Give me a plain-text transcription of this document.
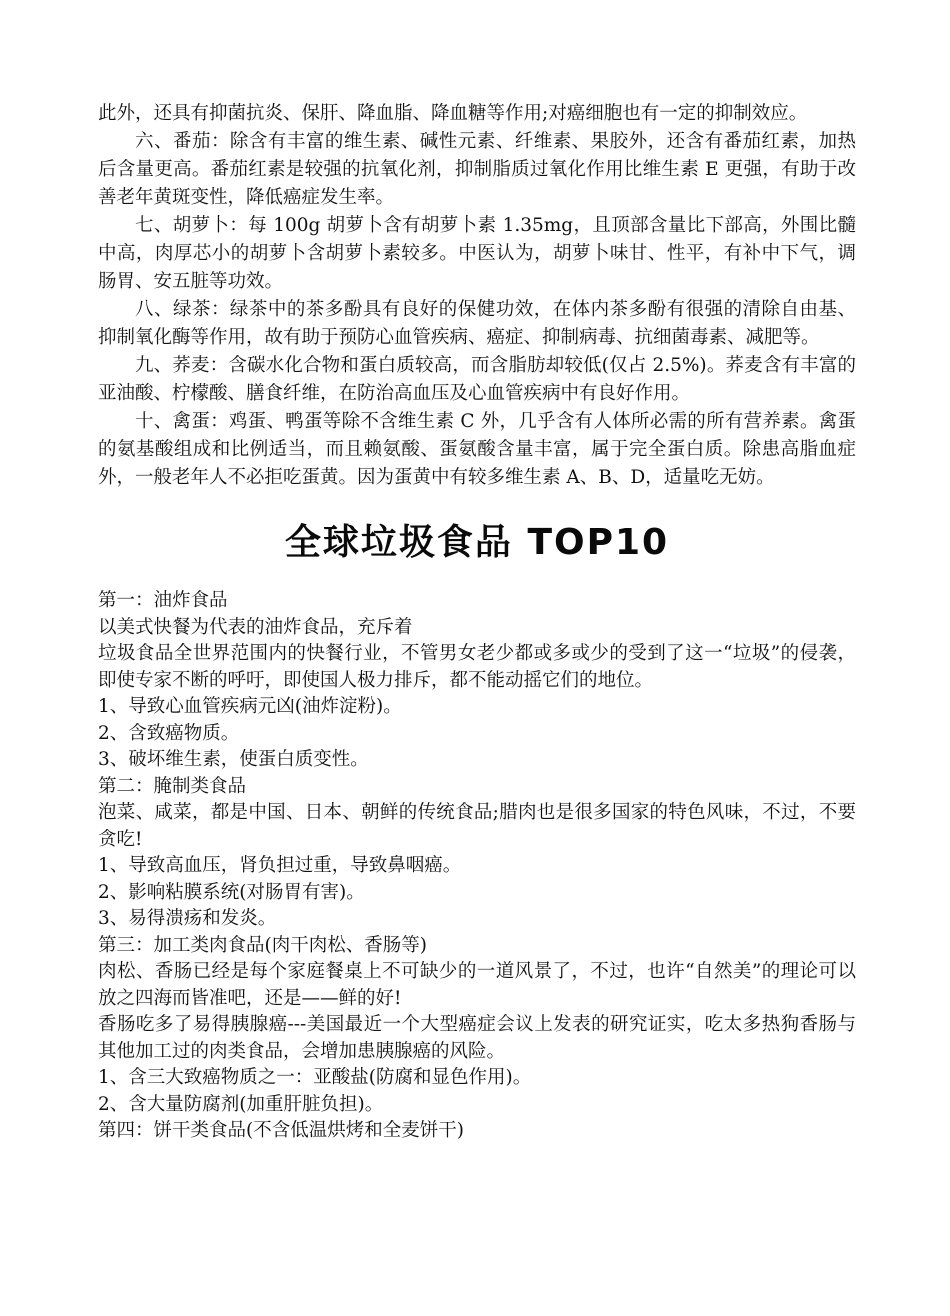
此外，还具有抑菌抗炎、保肝、降血脂、降血糖等作用;对癌细胞也有一定的抑制效应。

六、番茄：除含有丰富的维生素、碱性元素、纤维素、果胶外，还含有番茄红素，加热后含量更高。番茄红素是较强的抗氧化剂，抑制脂质过氧化作用比维生素 E 更强，有助于改善老年黄斑变性，降低癌症发生率。

七、胡萝卜：每 100g 胡萝卜含有胡萝卜素 1.35mg，且顶部含量比下部高，外围比髓中高，肉厚芯小的胡萝卜含胡萝卜素较多。中医认为，胡萝卜味甘、性平，有补中下气，调肠胃、安五脏等功效。

八、绿茶：绿茶中的茶多酚具有良好的保健功效，在体内茶多酚有很强的清除自由基、抑制氧化酶等作用，故有助于预防心血管疾病、癌症、抑制病毒、抗细菌毒素、减肥等。

九、荞麦：含碳水化合物和蛋白质较高，而含脂肪却较低(仅占 2.5%)。荞麦含有丰富的亚油酸、柠檬酸、膳食纤维，在防治高血压及心血管疾病中有良好作用。

十、禽蛋：鸡蛋、鸭蛋等除不含维生素 C 外，几乎含有人体所必需的所有营养素。禽蛋的氨基酸组成和比例适当，而且赖氨酸、蛋氨酸含量丰富，属于完全蛋白质。除患高脂血症外，一般老年人不必拒吃蛋黄。因为蛋黄中有较多维生素 A、B、D，适量吃无妨。

全球垃圾食品 TOP10

第一：油炸食品

以美式快餐为代表的油炸食品，充斥着

垃圾食品全世界范围内的快餐行业，不管男女老少都或多或少的受到了这一“垃圾”的侵袭，即使专家不断的呼吁，即使国人极力排斥，都不能动摇它们的地位。

1、导致心血管疾病元凶(油炸淀粉)。

2、含致癌物质。

3、破坏维生素，使蛋白质变性。

第二：腌制类食品

泡菜、咸菜，都是中国、日本、朝鲜的传统食品;腊肉也是很多国家的特色风味，不过，不要贪吃!

1、导致高血压，肾负担过重，导致鼻咽癌。

2、影响粘膜系统(对肠胃有害)。

3、易得溃疡和发炎。

第三：加工类肉食品(肉干肉松、香肠等)

肉松、香肠已经是每个家庭餐桌上不可缺少的一道风景了，不过，也许“自然美”的理论可以放之四海而皆准吧，还是——鲜的好!

香肠吃多了易得胰腺癌---美国最近一个大型癌症会议上发表的研究证实，吃太多热狗香肠与其他加工过的肉类食品，会增加患胰腺癌的风险。

1、含三大致癌物质之一：亚酸盐(防腐和显色作用)。

2、含大量防腐剂(加重肝脏负担)。

第四：饼干类食品(不含低温烘烤和全麦饼干)
